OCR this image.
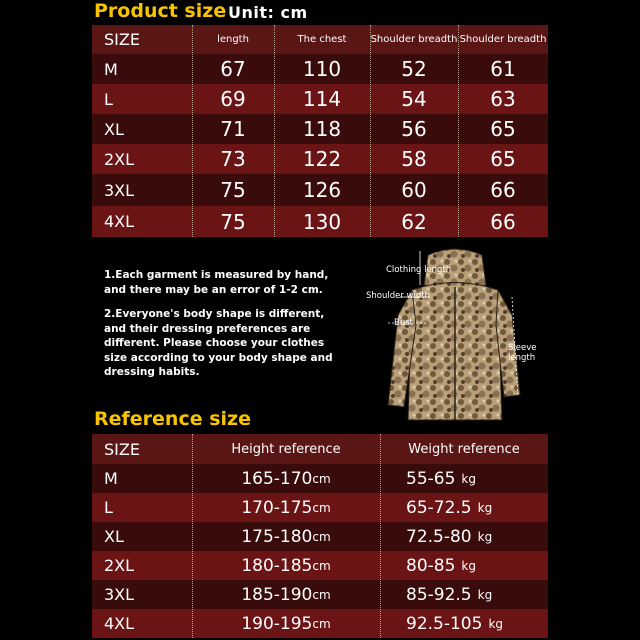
Product size Unit: cm
SIZE	length	The chest	Shoulder breadth Shoulder breadth
M	67	110	52	61
L	69	114	54	63
XL	71	118	56	65
2XL	73	122	58	65
3XL	75	126	60	66
4XL	75	130	62	66

1.Each garment is measured by hand, and there may be an error of 1-2 cm.

2.Everyone's body shape is different, and their dressing preferences are different. Please choose your clothes size according to your body shape and dressing habits.

Clothing length
Shoulder width
Bust
Sleeve length
Reference size
SIZE	Height reference	Weight reference
M	165-170 cm	55-65 kg
L	170-175 cm	65-72.5 kg
XL	175-180 cm	72.5-80 kg
2XL	180-185 cm	80-85 kg
3XL	185-190 cm	85-92.5 kg
4XL	190-195 cm	92.5-105 kg
